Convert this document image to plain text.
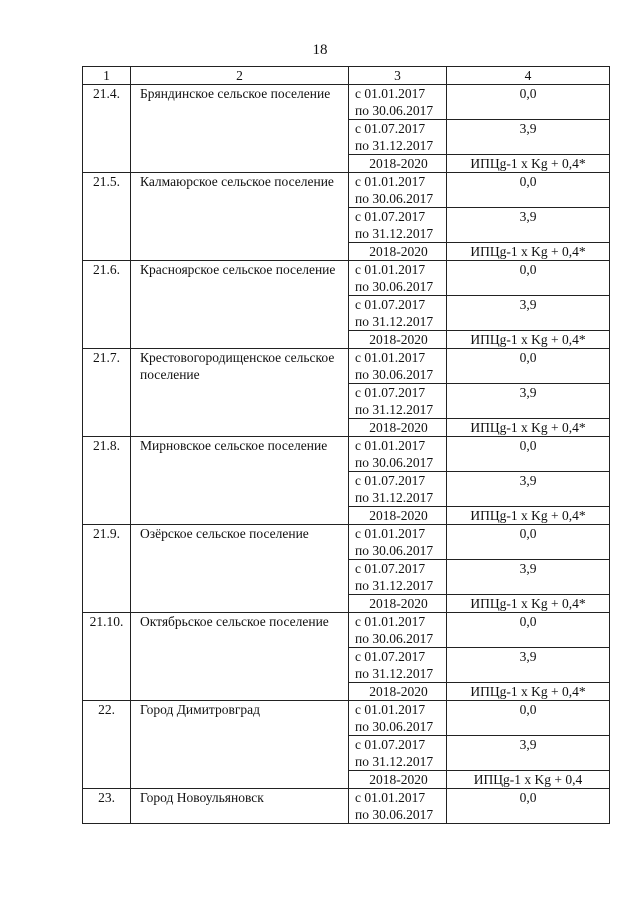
18
1	2	3	4
21.4.	Бряндинское сельское поселение	с 01.01.2017
по 30.06.2017	0,0

		с 01.07.2017
по 31.12.2017	3,9

		2018-2020	ИПЦg-1 х Kg + 0,4*
21.5.	Калмаюрское сельское поселение	с 01.01.2017
по 30.06.2017	0,0

		с 01.07.2017
по 31.12.2017	3,9

		2018-2020	ИПЦg-1 х Kg + 0,4*
21.6.	Красноярское сельское поселение	с 01.01.2017
по 30.06.2017	0,0

		с 01.07.2017
по 31.12.2017	3,9

		2018-2020	ИПЦg-1 х Kg + 0,4*
21.7.	Крестовогородищенское сельское поселение	с 01.01.2017
по 30.06.2017	0,0

		с 01.07.2017
по 31.12.2017	3,9

		2018-2020	ИПЦg-1 х Kg + 0,4*
21.8.	Мирновское сельское поселение	с 01.01.2017
по 30.06.2017	0,0

		с 01.07.2017
по 31.12.2017	3,9

		2018-2020	ИПЦg-1 х Kg + 0,4*
21.9.	Озёрское сельское поселение	с 01.01.2017
по 30.06.2017	0,0

		с 01.07.2017
по 31.12.2017	3,9

		2018-2020	ИПЦg-1 х Kg + 0,4*
21.10.	Октябрьское сельское поселение	с 01.01.2017
по 30.06.2017	0,0

		с 01.07.2017
по 31.12.2017	3,9

		2018-2020	ИПЦg-1 х Kg + 0,4*
22.	Город Димитровград	с 01.01.2017
по 30.06.2017	0,0

		с 01.07.2017
по 31.12.2017	3,9

		2018-2020	ИПЦg-1 х Kg + 0,4
23.	Город Новоульяновск	с 01.01.2017
по 30.06.2017	0,0
